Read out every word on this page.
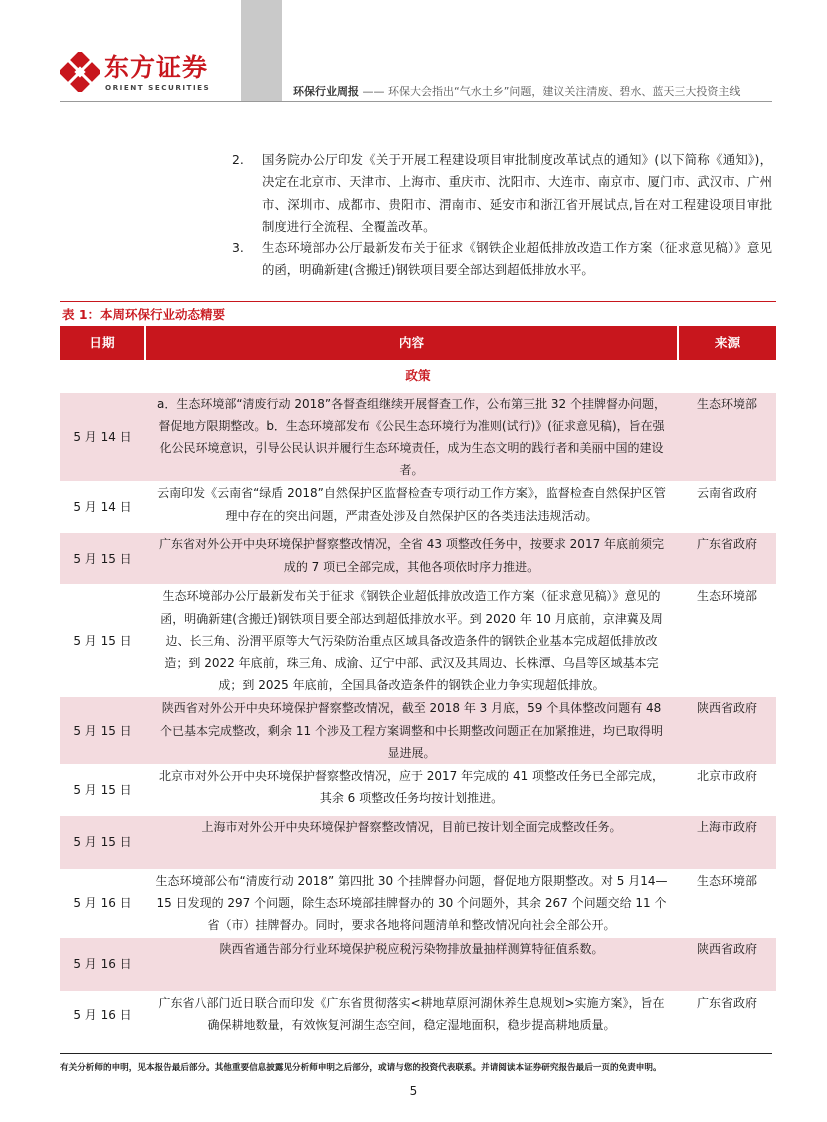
东方证券
ORIENT SECURITIES	环保行业周报 —— 环保大会指出“气水土乡”问题，建议关注清废、碧水、蓝天三大投资主线
2.	国务院办公厅印发《关于开展工程建设项目审批制度改革试点的通知》(以下简称《通知》)，决定在北京市、天津市、上海市、重庆市、沈阳市、大连市、南京市、厦门市、武汉市、广州市、深圳市、成都市、贵阳市、渭南市、延安市和浙江省开展试点,旨在对工程建设项目审批制度进行全流程、全覆盖改革。
3.	生态环境部办公厅最新发布关于征求《钢铁企业超低排放改造工作方案（征求意见稿）》意见的函，明确新建(含搬迁)钢铁项目要全部达到超低排放水平。
表 1：本周环保行业动态精要
日期	内容	来源
政策		
5 月 14 日	a．生态环境部“清废行动 2018”各督查组继续开展督查工作，公布第三批 32 个挂牌督办问题，督促地方限期整改。b．生态环境部发布《公民生态环境行为准则(试行)》(征求意见稿)，旨在强化公民环境意识，引导公民认识并履行生态环境责任，成为生态文明的践行者和美丽中国的建设者。	生态环境部
5 月 14 日	云南印发《云南省“绿盾 2018”自然保护区监督检查专项行动工作方案》，监督检查自然保护区管理中存在的突出问题，严肃查处涉及自然保护区的各类违法违规活动。	云南省政府
5 月 15 日	广东省对外公开中央环境保护督察整改情况，全省 43 项整改任务中，按要求 2017 年底前须完成的 7 项已全部完成，其他各项依时序力推进。	广东省政府
5 月 15 日	生态环境部办公厅最新发布关于征求《钢铁企业超低排放改造工作方案（征求意见稿）》意见的函，明确新建(含搬迁)钢铁项目要全部达到超低排放水平。到 2020 年 10 月底前，京津冀及周边、长三角、汾渭平原等大气污染防治重点区域具备改造条件的钢铁企业基本完成超低排放改造；到 2022 年底前，珠三角、成渝、辽宁中部、武汉及其周边、长株潭、乌昌等区域基本完成；到 2025 年底前，全国具备改造条件的钢铁企业力争实现超低排放。	生态环境部
5 月 15 日	陕西省对外公开中央环境保护督察整改情况，截至 2018 年 3 月底，59 个具体整改问题有 48 个已基本完成整改，剩余 11 个涉及工程方案调整和中长期整改问题正在加紧推进，均已取得明显进展。	陕西省政府
5 月 15 日	北京市对外公开中央环境保护督察整改情况，应于 2017 年完成的 41 项整改任务已全部完成，其余 6 项整改任务均按计划推进。	北京市政府
5 月 15 日	上海市对外公开中央环境保护督察整改情况，目前已按计划全面完成整改任务。	上海市政府
5 月 16 日	生态环境部公布“清废行动 2018” 第四批 30 个挂牌督办问题，督促地方限期整改。对 5 月14—15 日发现的 297 个问题，除生态环境部挂牌督办的 30 个问题外，其余 267 个问题交给 11 个省（市）挂牌督办。同时，要求各地将问题清单和整改情况向社会全部公开。	生态环境部
5 月 16 日	陕西省通告部分行业环境保护税应税污染物排放量抽样测算特征值系数。	陕西省政府
5 月 16 日	广东省八部门近日联合而印发《广东省贯彻落实<耕地草原河湖休养生息规划>实施方案》，旨在确保耕地数量，有效恢复河湖生态空间，稳定湿地面积，稳步提高耕地质量。	广东省政府
有关分析师的申明，见本报告最后部分。其他重要信息披露见分析师申明之后部分，或请与您的投资代表联系。并请阅读本证券研究报告最后一页的免责申明。
5
